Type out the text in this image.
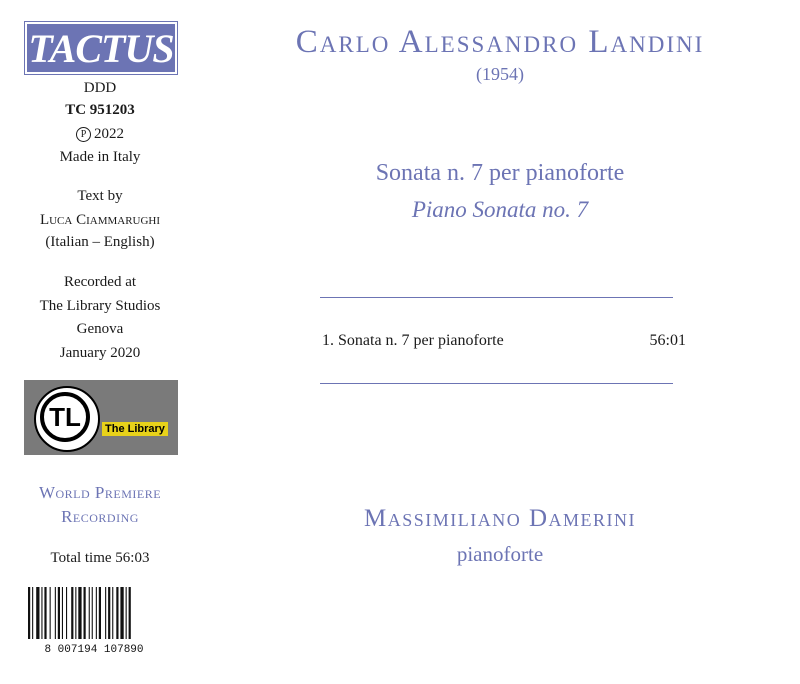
TACTUS
DDD
TC 951203
P 2022
Made in Italy
Text by
Luca Ciammarughi
(Italian – English)
Recorded at
The Library Studios
Genova
January 2020
TL	The Library
World Premiere
Recording
Total time 56:03
8 007194 107890
Carlo Alessandro Landini
(1954)
Sonata n. 7 per pianoforte
Piano Sonata no. 7
1. Sonata n. 7 per pianoforte	56:01
Massimiliano Damerini
pianoforte
